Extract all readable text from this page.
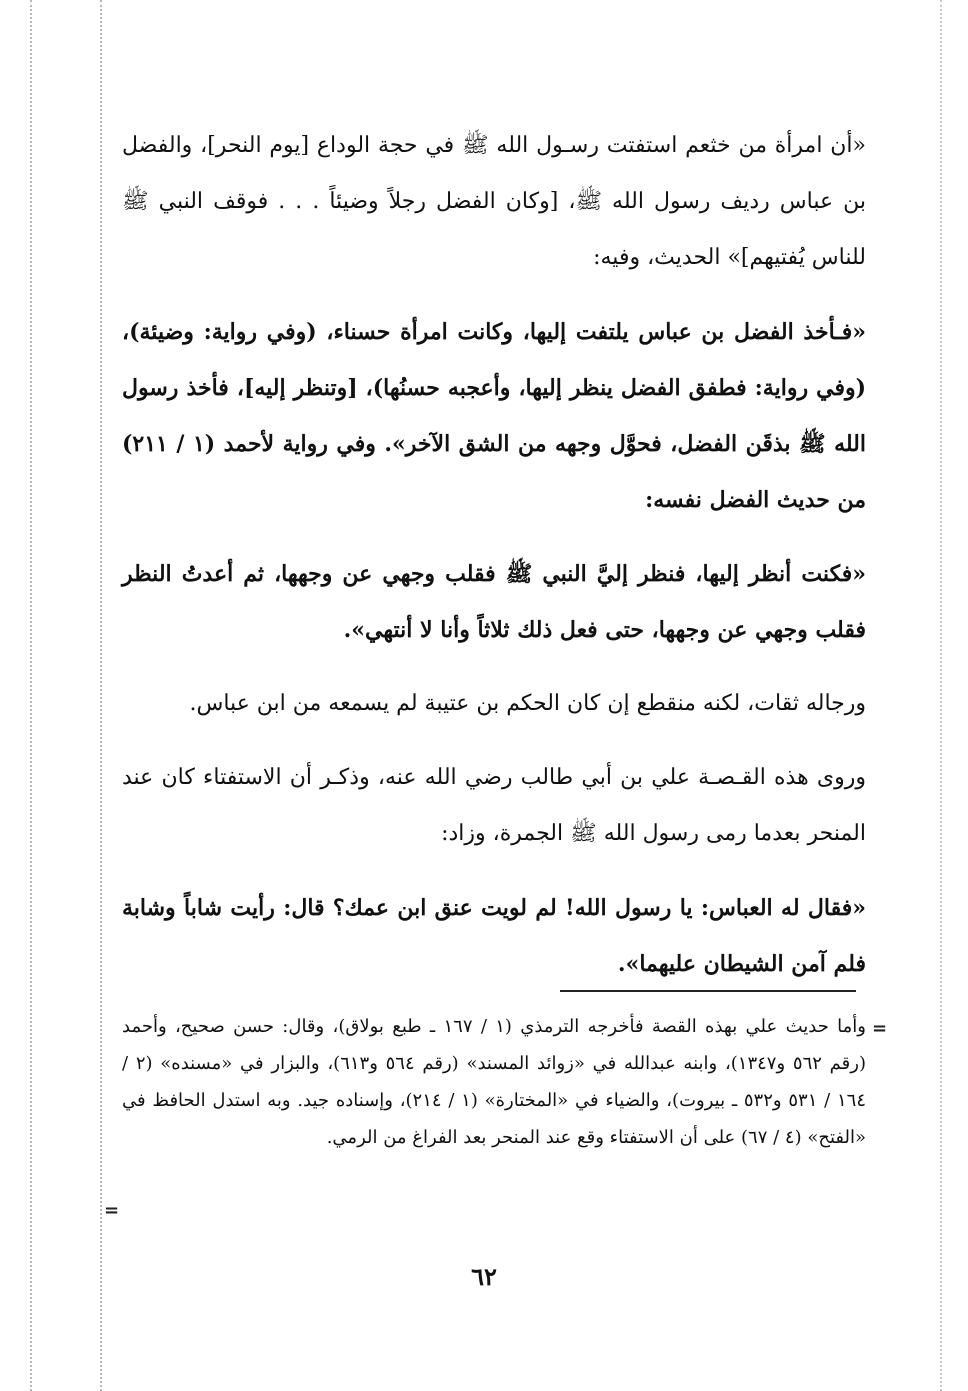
«أن امرأة من خثعم استفتت رسـول الله ﷺ في حجة الوداع [يوم النحر]، والفضل بن عباس رديف رسول الله ﷺ، [وكان الفضل رجلاً وضيئاً . . . فوقف النبي ﷺ للناس يُفتيهم]» الحديث، وفيه:

«فـأخذ الفضل بن عباس يلتفت إليها، وكانت امرأة حسناء، (وفي رواية: وضيئة)، (وفي رواية: فطفق الفضل ينظر إليها، وأعجبه حسنُها)، [وتنظر إليه]، فأخذ رسول الله ﷺ بذقَن الفضل، فحوَّل وجهه من الشق الآخر». وفي رواية لأحمد (١ / ٢١١) من حديث الفضل نفسه:

«فكنت أنظر إليها، فنظر إليَّ النبي ﷺ فقلب وجهي عن وجهها، ثم أعدتُ النظر فقلب وجهي عن وجهها، حتى فعل ذلك ثلاثاً وأنا لا أنتهي».

ورجاله ثقات، لكنه منقطع إن كان الحكم بن عتيبة لم يسمعه من ابن عباس.

وروى هذه القـصـة علي بن أبي طالب رضي الله عنه، وذكـر أن الاستفتاء كان عند المنحر بعدما رمى رسول الله ﷺ الجمرة، وزاد:

«فقال له العباس: يا رسول الله! لم لويت عنق ابن عمك؟ قال: رأيت شاباً وشابة فلم آمن الشيطان عليهما».

وأما حديث علي بهذه القصة فأخرجه الترمذي (١ / ١٦٧ ـ طبع بولاق)، وقال: حسن صحيح، وأحمد (رقم ٥٦٢ و١٣٤٧)، وابنه عبدالله في «زوائد المسند» (رقم ٥٦٤ و٦١٣)، والبزار في «مسنده» (٢ / ١٦٤ / ٥٣١ و٥٣٢ ـ بيروت)، والضياء في «المختارة» (١ / ٢١٤)، وإسناده جيد. وبه استدل الحافظ في «الفتح» (٤ / ٦٧) على أن الاستفتاء وقع عند المنحر بعد الفراغ من الرمي.

=
=
٦٢
